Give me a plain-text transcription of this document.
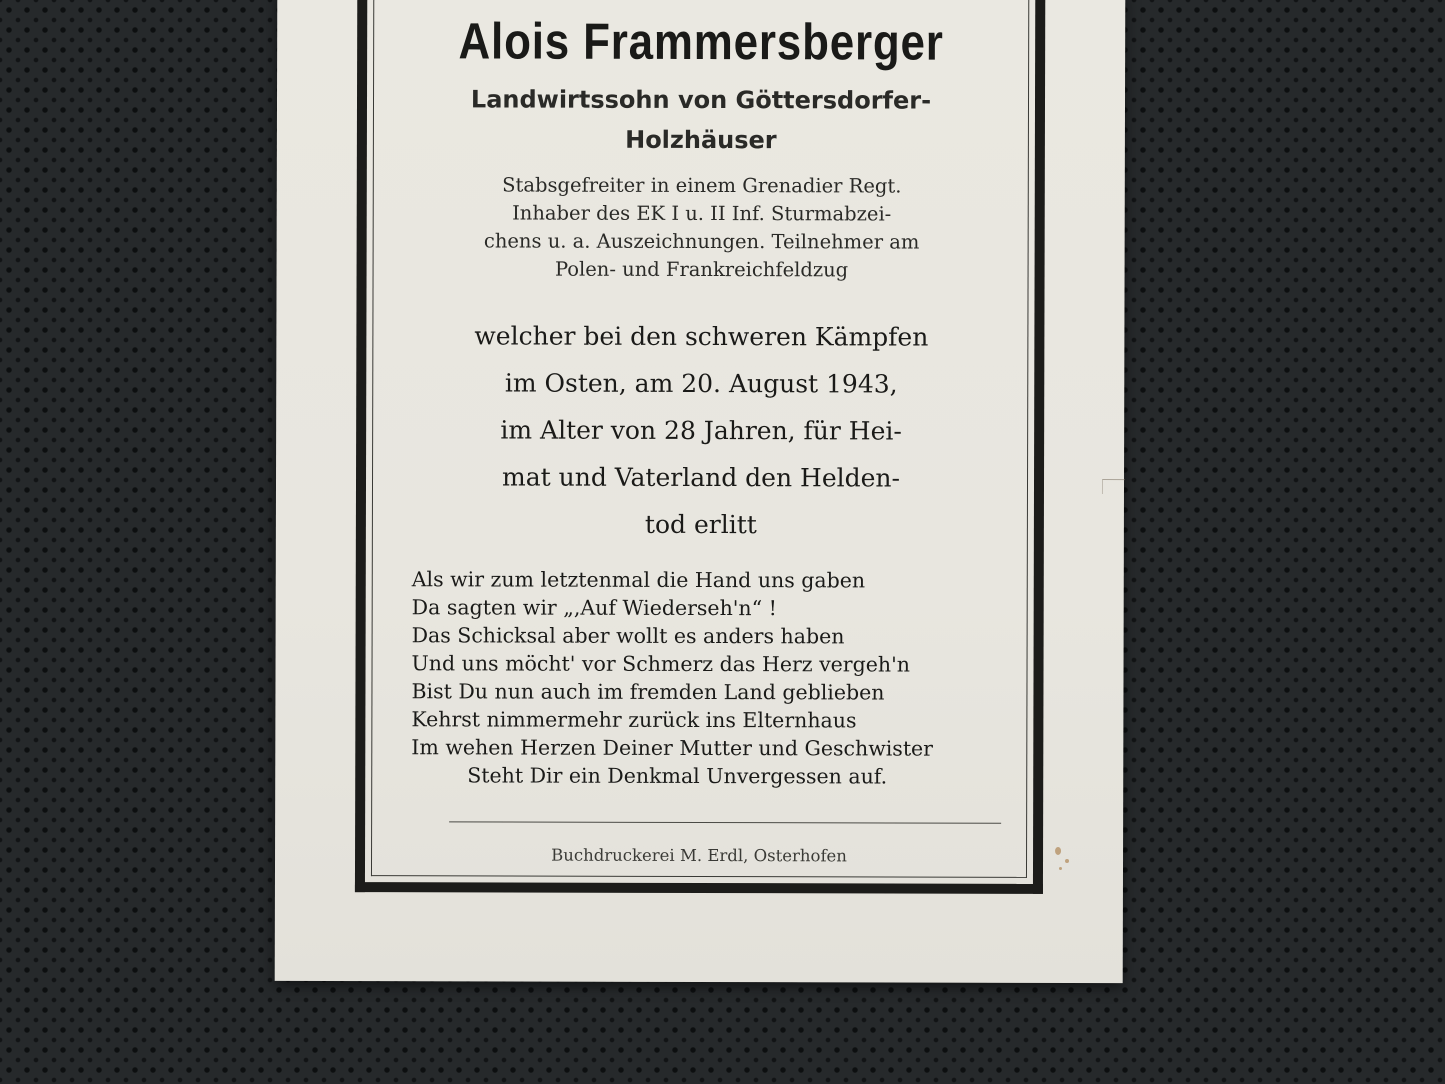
Alois Frammersberger
Landwirtssohn von Göttersdorfer-
Holzhäuser
Stabsgefreiter in einem Grenadier Regt.
Inhaber des EK I u. II Inf. Sturmabzei-
chens u. a. Auszeichnungen. Teilnehmer am
Polen- und Frankreichfeldzug
welcher bei den schweren Kämpfen
im Osten, am 20. August 1943,
im Alter von 28 Jahren, für Hei-
mat und Vaterland den Helden-
tod erlitt
Als wir zum letztenmal die Hand uns gaben
Da sagten wir „,Auf Wiederseh'n“ !
Das Schicksal aber wollt es anders haben
Und uns möcht' vor Schmerz das Herz vergeh'n
Bist Du nun auch im fremden Land geblieben
Kehrst nimmermehr zurück ins Elternhaus
Im wehen Herzen Deiner Mutter und Geschwister
Steht Dir ein Denkmal Unvergessen auf.
Buchdruckerei M. Erdl, Osterhofen
